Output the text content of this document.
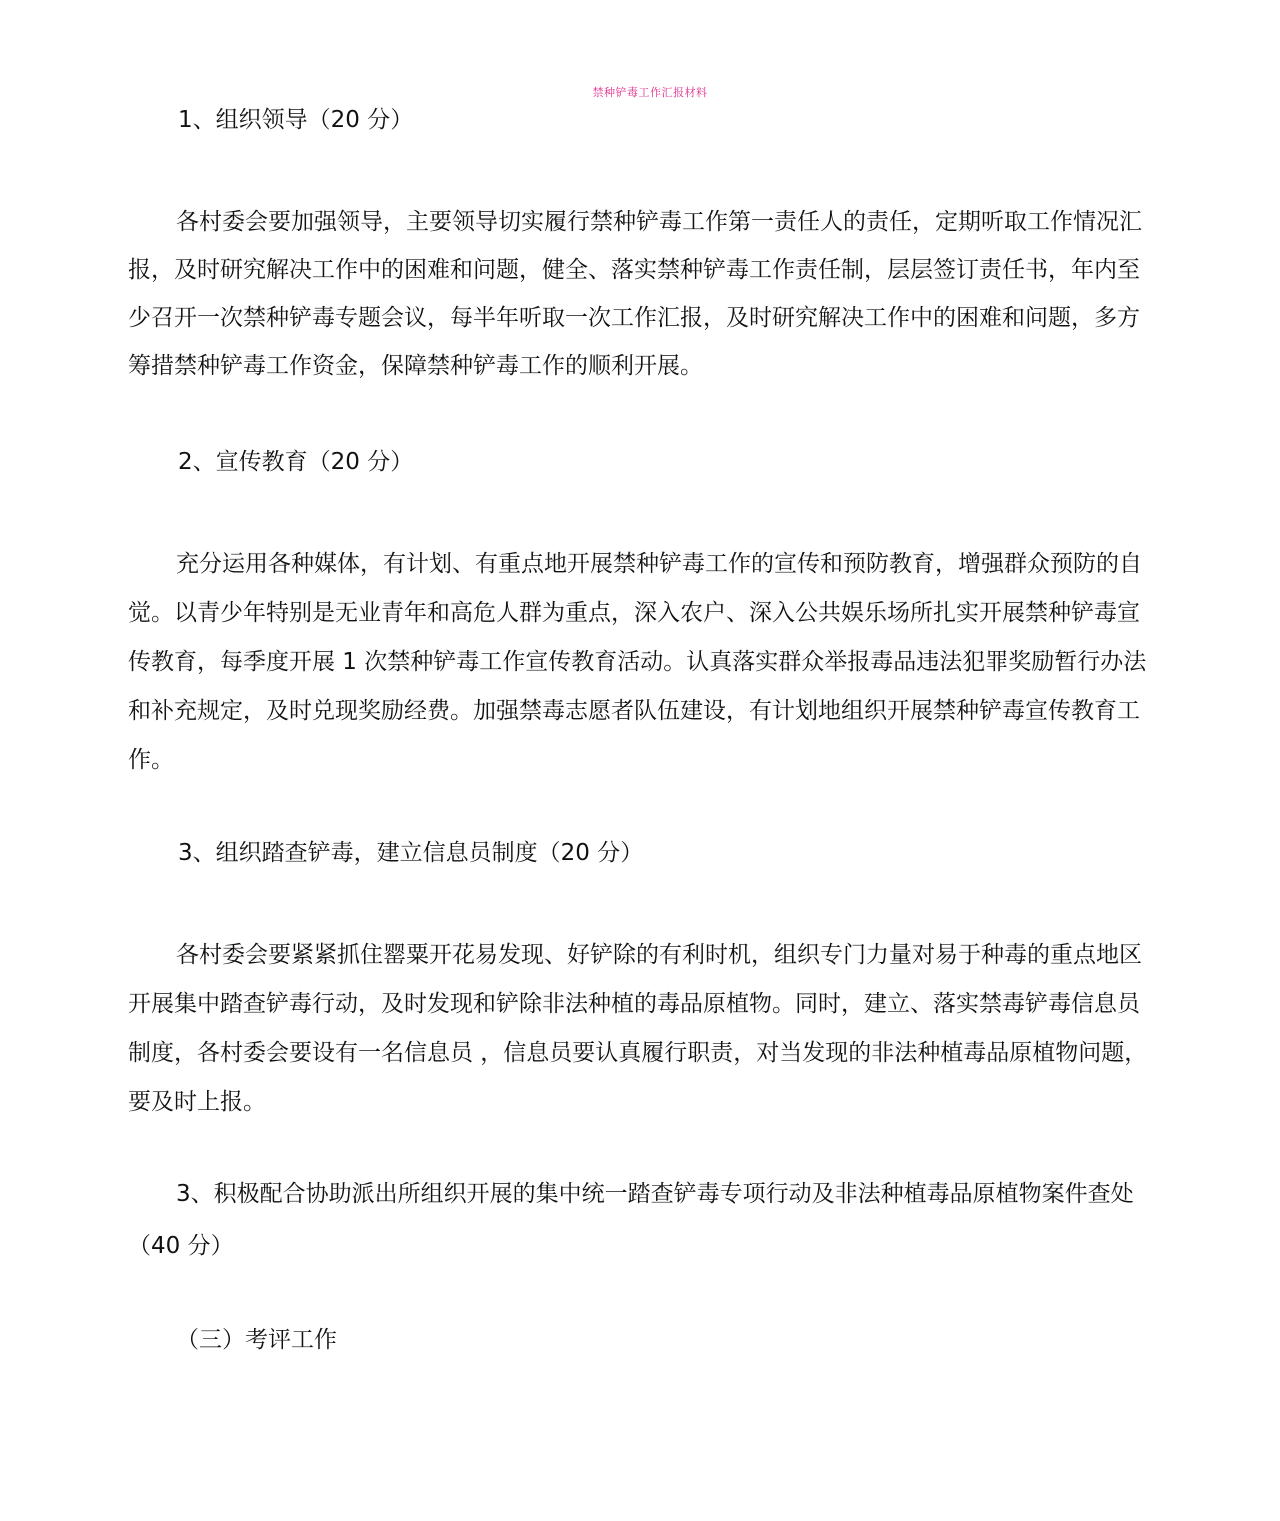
禁种铲毒工作汇报材料

1、组织领导（20 分）

各村委会要加强领导，主要领导切实履行禁种铲毒工作第一责任人的责任，定期听取工作情况汇报，及时研究解决工作中的困难和问题，健全、落实禁种铲毒工作责任制，层层签订责任书，年内至少召开一次禁种铲毒专题会议，每半年听取一次工作汇报，及时研究解决工作中的困难和问题，多方筹措禁种铲毒工作资金，保障禁种铲毒工作的顺利开展。

2、宣传教育（20 分）

充分运用各种媒体，有计划、有重点地开展禁种铲毒工作的宣传和预防教育，增强群众预防的自觉。以青少年特别是无业青年和高危人群为重点，深入农户、深入公共娱乐场所扎实开展禁种铲毒宣传教育，每季度开展 1 次禁种铲毒工作宣传教育活动。认真落实群众举报毒品违法犯罪奖励暂行办法和补充规定，及时兑现奖励经费。加强禁毒志愿者队伍建设，有计划地组织开展禁种铲毒宣传教育工作。

3、组织踏查铲毒，建立信息员制度（20 分）

各村委会要紧紧抓住罂粟开花易发现、好铲除的有利时机，组织专门力量对易于种毒的重点地区开展集中踏查铲毒行动，及时发现和铲除非法种植的毒品原植物。同时，建立、落实禁毒铲毒信息员制度，各村委会要设有一名信息员 ，信息员要认真履行职责，对当发现的非法种植毒品原植物问题，要及时上报。

3、积极配合协助派出所组织开展的集中统一踏查铲毒专项行动及非法种植毒品原植物案件查处（40 分）

（三）考评工作
